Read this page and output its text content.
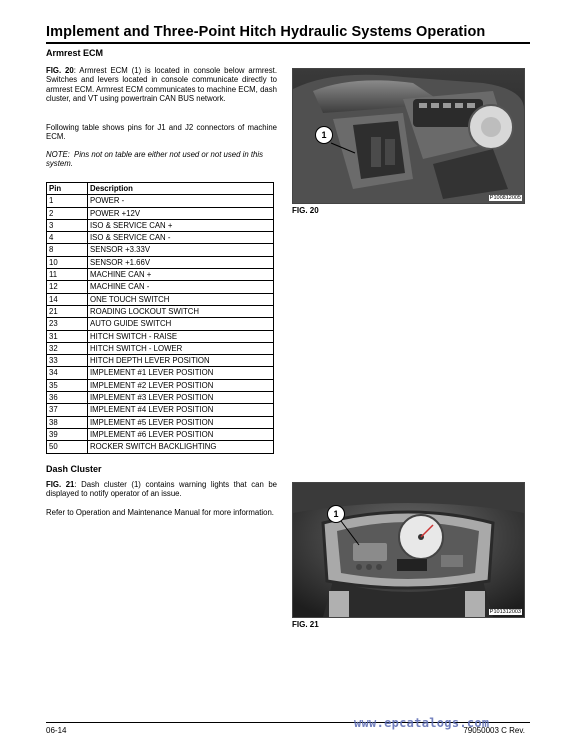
Implement and Three-Point Hitch Hydraulic Systems Operation
Armrest ECM
FIG. 20: Armrest ECM (1) is located in console below armrest. Switches and levers located in console communicate directly to armrest ECM. Armrest ECM communicates to machine ECM, dash cluster, and VT using powertrain CAN BUS network.
Following table shows pins for J1 and J2 connectors of machine ECM.
NOTE: Pins not on table are either not used or not used in this system.
Pin	Description
1	POWER -
2	POWER +12V
3	ISO & SERVICE CAN +
4	ISO & SERVICE CAN -
8	SENSOR +3.33V
10	SENSOR +1.66V
11	MACHINE CAN +
12	MACHINE CAN -
14	ONE TOUCH SWITCH
21	ROADING LOCKOUT SWITCH
23	AUTO GUIDE SWITCH
31	HITCH SWITCH - RAISE
32	HITCH SWITCH - LOWER
33	HITCH DEPTH LEVER POSITION
34	IMPLEMENT #1 LEVER POSITION
35	IMPLEMENT #2 LEVER POSITION
36	IMPLEMENT #3 LEVER POSITION
37	IMPLEMENT #4 LEVER POSITION
38	IMPLEMENT #5 LEVER POSITION
39	IMPLEMENT #6 LEVER POSITION
50	ROCKER SWITCH BACKLIGHTING
1
P100812005
FIG. 20
Dash Cluster
FIG. 21: Dash cluster (1) contains warning lights that can be displayed to notify operator of an issue.
Refer to Operation and Maintenance Manual for more information.	1
P101312003
FIG. 21
06-14	79050003 C Rev.
www.epcatalogs.com
